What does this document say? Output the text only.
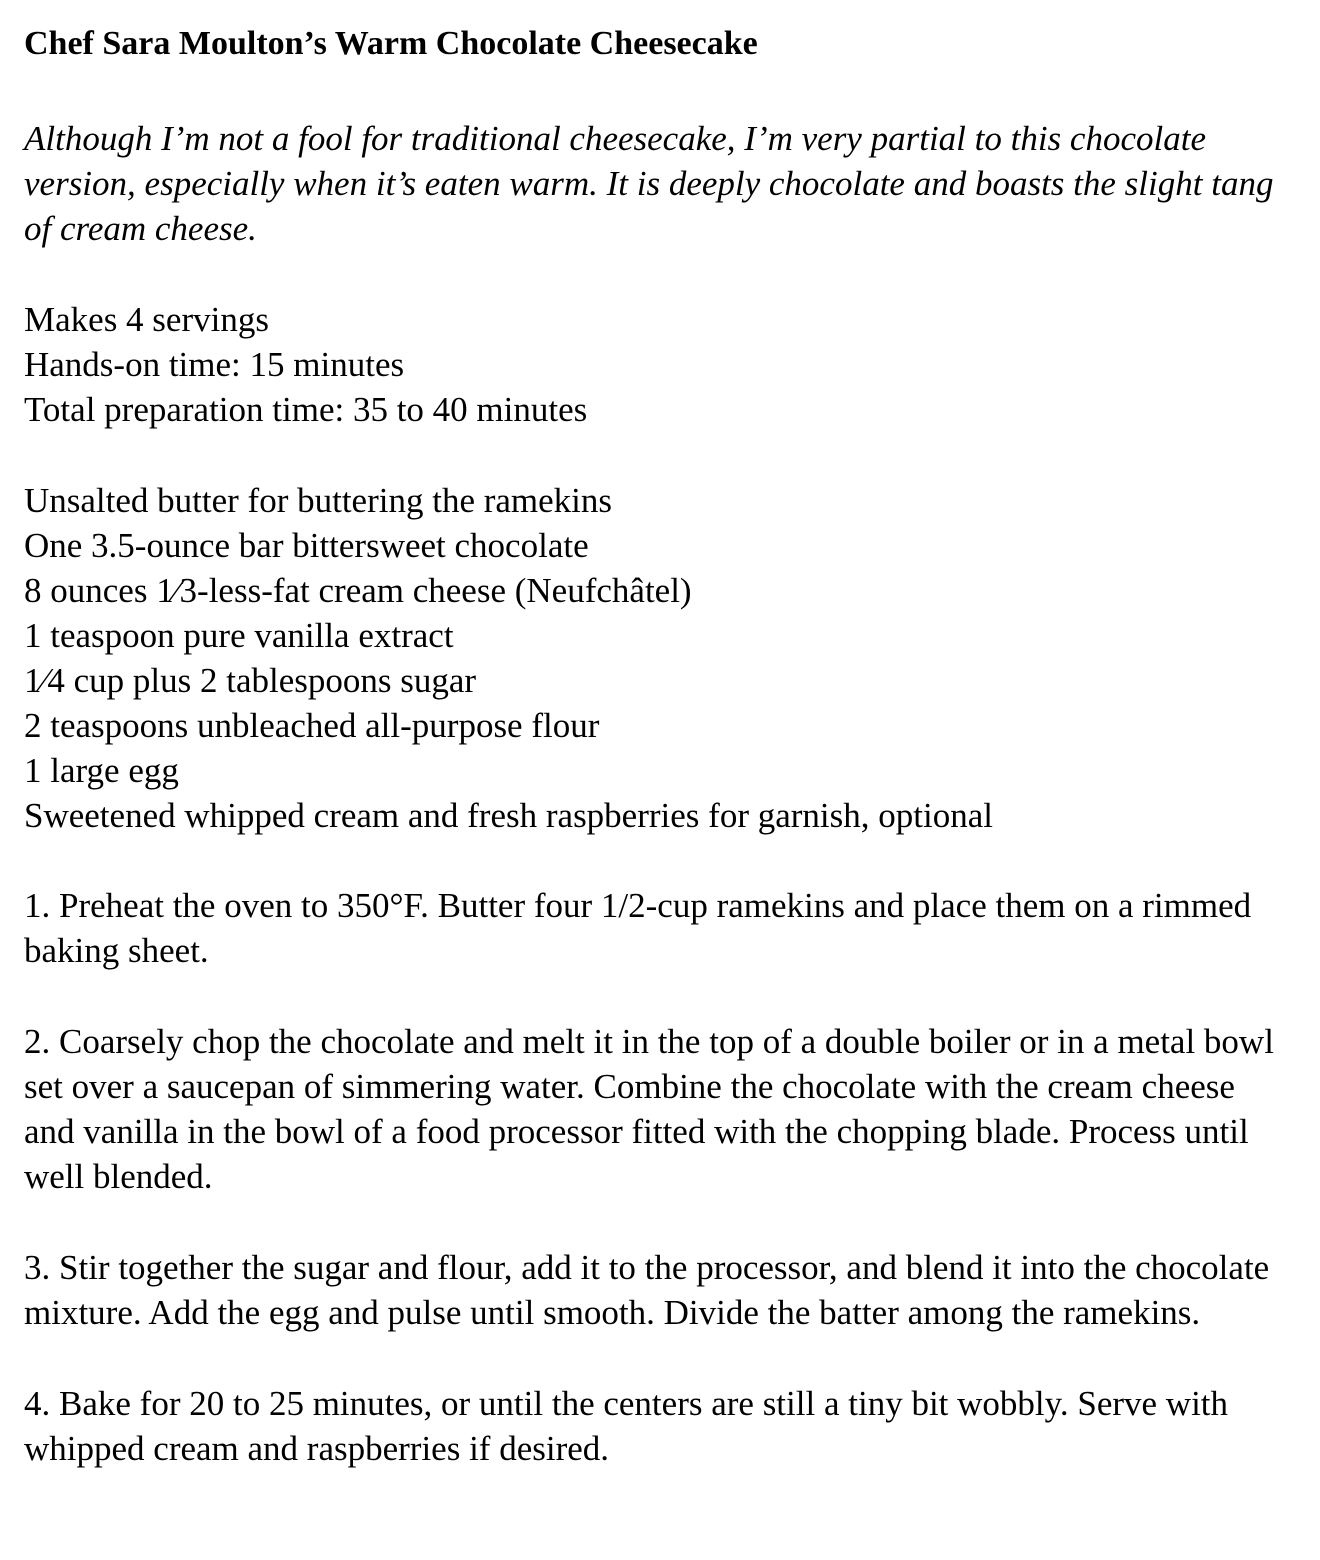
Chef Sara Moulton’s Warm Chocolate Cheesecake

Although I’m not a fool for traditional cheesecake, I’m very partial to this chocolate version, especially when it’s eaten warm. It is deeply chocolate and boasts the slight tang of cream cheese.

Makes 4 servings
Hands-on time: 15 minutes
Total preparation time: 35 to 40 minutes
Unsalted butter for buttering the ramekins
One 3.5-ounce bar bittersweet chocolate
8 ounces 1⁄3-less-fat cream cheese (Neufchâtel)
1 teaspoon pure vanilla extract
1⁄4 cup plus 2 tablespoons sugar
2 teaspoons unbleached all-purpose flour
1 large egg
Sweetened whipped cream and fresh raspberries for garnish, optional

1. Preheat the oven to 350°F. Butter four 1/2-cup ramekins and place them on a rimmed baking sheet.

2. Coarsely chop the chocolate and melt it in the top of a double boiler or in a metal bowl set over a saucepan of simmering water. Combine the chocolate with the cream cheese and vanilla in the bowl of a food processor fitted with the chopping blade. Process until well blended.

3. Stir together the sugar and flour, add it to the processor, and blend it into the chocolate mixture. Add the egg and pulse until smooth. Divide the batter among the ramekins.

4. Bake for 20 to 25 minutes, or until the centers are still a tiny bit wobbly. Serve with whipped cream and raspberries if desired.
